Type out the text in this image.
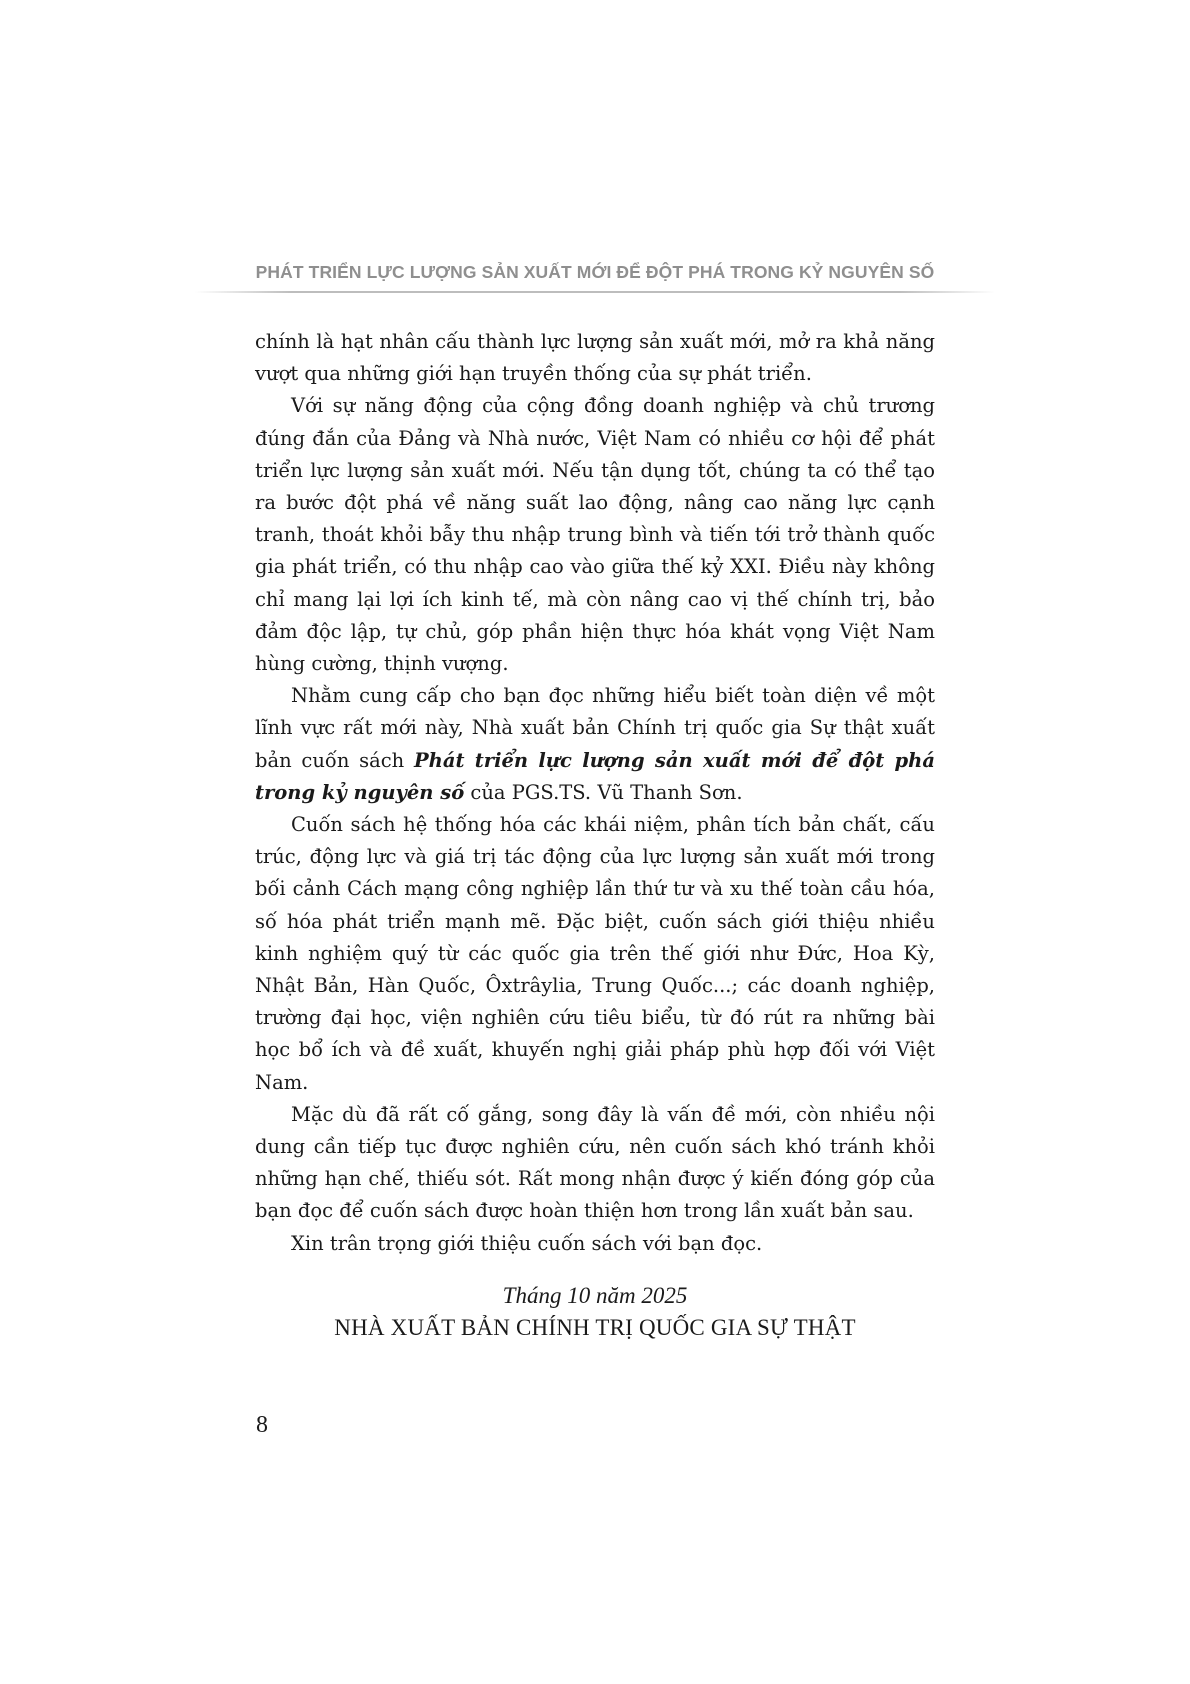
PHÁT TRIỂN LỰC LƯỢNG SẢN XUẤT MỚI ĐỂ ĐỘT PHÁ TRONG KỶ NGUYÊN SỐ

chính là hạt nhân cấu thành lực lượng sản xuất mới, mở ra khả năng vượt qua những giới hạn truyền thống của sự phát triển.

Với sự năng động của cộng đồng doanh nghiệp và chủ trương đúng đắn của Đảng và Nhà nước, Việt Nam có nhiều cơ hội để phát triển lực lượng sản xuất mới. Nếu tận dụng tốt, chúng ta có thể tạo ra bước đột phá về năng suất lao động, nâng cao năng lực cạnh tranh, thoát khỏi bẫy thu nhập trung bình và tiến tới trở thành quốc gia phát triển, có thu nhập cao vào giữa thế kỷ XXI. Điều này không chỉ mang lại lợi ích kinh tế, mà còn nâng cao vị thế chính trị, bảo đảm độc lập, tự chủ, góp phần hiện thực hóa khát vọng Việt Nam hùng cường, thịnh vượng.

Nhằm cung cấp cho bạn đọc những hiểu biết toàn diện về một lĩnh vực rất mới này, Nhà xuất bản Chính trị quốc gia Sự thật xuất bản cuốn sách Phát triển lực lượng sản xuất mới để đột phá trong kỷ nguyên số của PGS.TS. Vũ Thanh Sơn.

Cuốn sách hệ thống hóa các khái niệm, phân tích bản chất, cấu trúc, động lực và giá trị tác động của lực lượng sản xuất mới trong bối cảnh Cách mạng công nghiệp lần thứ tư và xu thế toàn cầu hóa, số hóa phát triển mạnh mẽ. Đặc biệt, cuốn sách giới thiệu nhiều kinh nghiệm quý từ các quốc gia trên thế giới như Đức, Hoa Kỳ, Nhật Bản, Hàn Quốc, Ôxtrâylia, Trung Quốc...; các doanh nghiệp, trường đại học, viện nghiên cứu tiêu biểu, từ đó rút ra những bài học bổ ích và đề xuất, khuyến nghị giải pháp phù hợp đối với Việt Nam.

Mặc dù đã rất cố gắng, song đây là vấn đề mới, còn nhiều nội dung cần tiếp tục được nghiên cứu, nên cuốn sách khó tránh khỏi những hạn chế, thiếu sót. Rất mong nhận được ý kiến đóng góp của bạn đọc để cuốn sách được hoàn thiện hơn trong lần xuất bản sau.

Xin trân trọng giới thiệu cuốn sách với bạn đọc.

Tháng 10 năm 2025
NHÀ XUẤT BẢN CHÍNH TRỊ QUỐC GIA SỰ THẬT
8
